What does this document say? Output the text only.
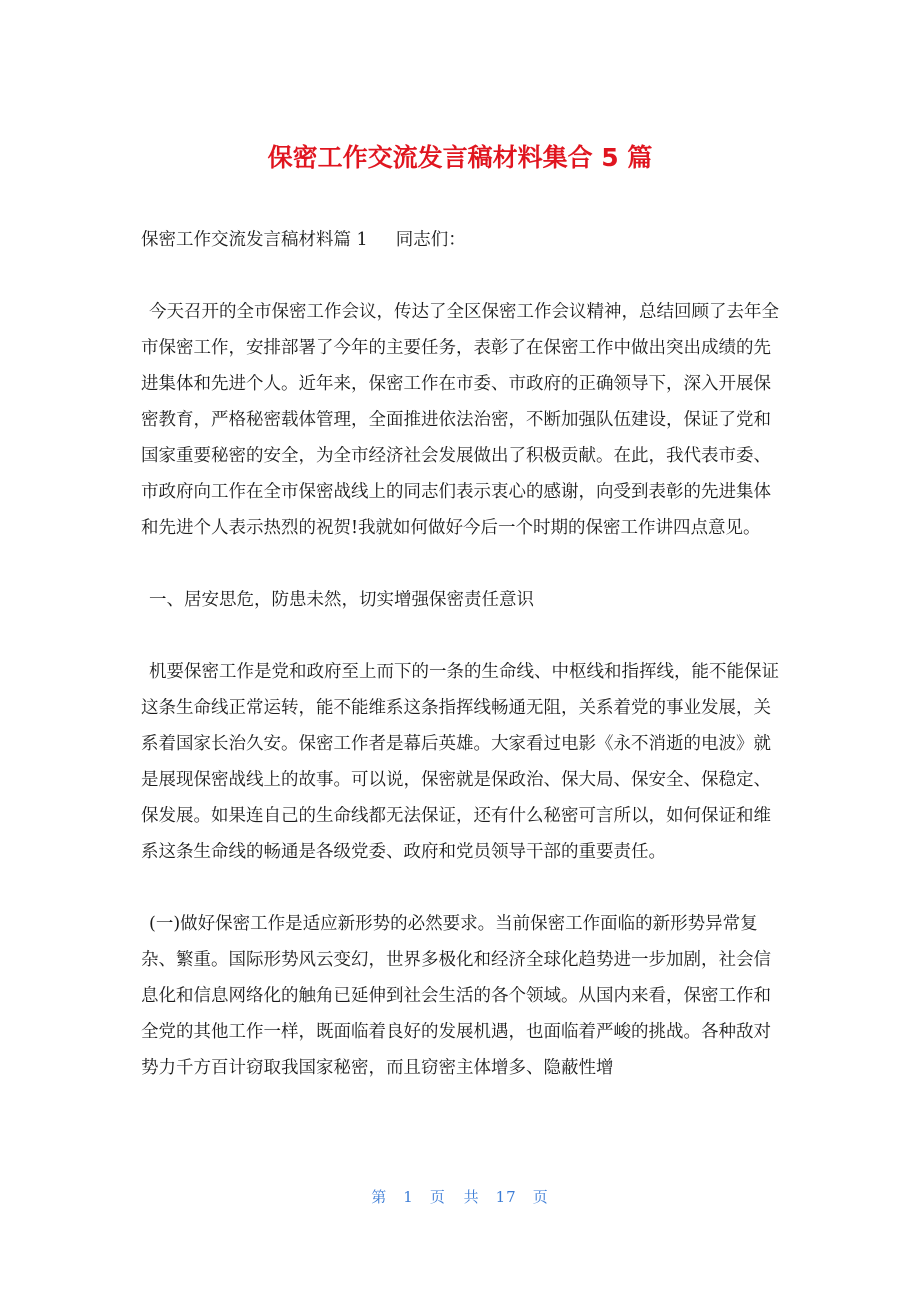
保密工作交流发言稿材料集合 5 篇

保密工作交流发言稿材料篇 1 同志们：

今天召开的全市保密工作会议，传达了全区保密工作会议精神，总结回顾了去年全市保密工作，安排部署了今年的主要任务，表彰了在保密工作中做出突出成绩的先进集体和先进个人。近年来，保密工作在市委、市政府的正确领导下，深入开展保密教育，严格秘密载体管理，全面推进依法治密，不断加强队伍建设，保证了党和国家重要秘密的安全，为全市经济社会发展做出了积极贡献。在此，我代表市委、市政府向工作在全市保密战线上的同志们表示衷心的感谢，向受到表彰的先进集体和先进个人表示热烈的祝贺!我就如何做好今后一个时期的保密工作讲四点意见。

一、居安思危，防患未然，切实增强保密责任意识

机要保密工作是党和政府至上而下的一条的生命线、中枢线和指挥线，能不能保证这条生命线正常运转，能不能维系这条指挥线畅通无阻，关系着党的事业发展，关系着国家长治久安。保密工作者是幕后英雄。大家看过电影《永不消逝的电波》就是展现保密战线上的故事。可以说，保密就是保政治、保大局、保安全、保稳定、保发展。如果连自己的生命线都无法保证，还有什么秘密可言所以，如何保证和维系这条生命线的畅通是各级党委、政府和党员领导干部的重要责任。

(一)做好保密工作是适应新形势的必然要求。当前保密工作面临的新形势异常复杂、繁重。国际形势风云变幻，世界多极化和经济全球化趋势进一步加剧，社会信息化和信息网络化的触角已延伸到社会生活的各个领域。从国内来看，保密工作和全党的其他工作一样，既面临着良好的发展机遇，也面临着严峻的挑战。各种敌对势力千方百计窃取我国家秘密，而且窃密主体增多、隐蔽性增

第 1 页 共 17 页
